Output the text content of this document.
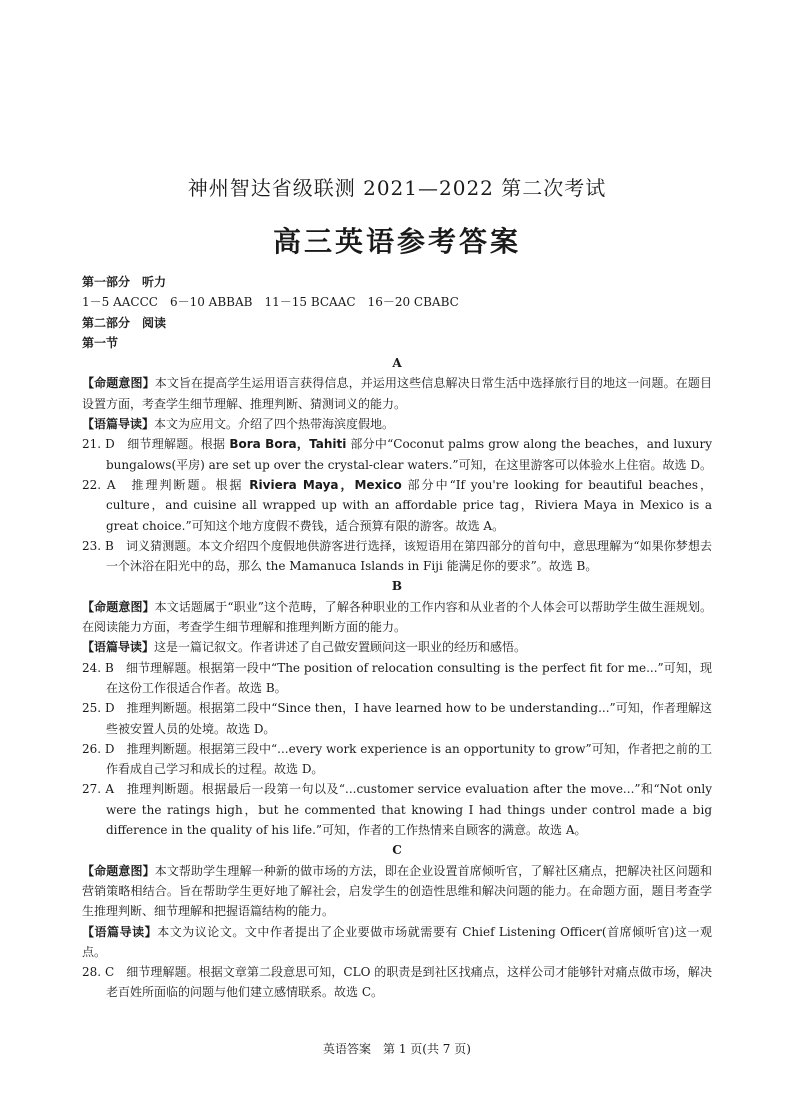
神州智达省级联测 2021—2022 第二次考试
高三英语参考答案

第一部分　听力

1－5 AACCC　6－10 ABBAB　11－15 BCAAC　16－20 CBABC

第二部分　阅读

第一节

A

【命题意图】本文旨在提高学生运用语言获得信息，并运用这些信息解决日常生活中选择旅行目的地这一问题。在题目设置方面，考查学生细节理解、推理判断、猜测词义的能力。

【语篇导读】本文为应用文。介绍了四个热带海滨度假地。

21. D　细节理解题。根据 Bora Bora，Tahiti 部分中“Coconut palms grow along the beaches，and luxury bungalows(平房) are set up over the crystal-clear waters.”可知，在这里游客可以体验水上住宿。故选 D。

22. A　推理判断题。根据 Riviera Maya，Mexico 部分中“If you're looking for beautiful beaches，culture，and cuisine all wrapped up with an affordable price tag，Riviera Maya in Mexico is a great choice.”可知这个地方度假不费钱，适合预算有限的游客。故选 A。

23. B　词义猜测题。本文介绍四个度假地供游客进行选择，该短语用在第四部分的首句中，意思理解为“如果你梦想去一个沐浴在阳光中的岛，那么 the Mamanuca Islands in Fiji 能满足你的要求”。故选 B。

B

【命题意图】本文话题属于“职业”这个范畴，了解各种职业的工作内容和从业者的个人体会可以帮助学生做生涯规划。在阅读能力方面，考查学生细节理解和推理判断方面的能力。

【语篇导读】这是一篇记叙文。作者讲述了自己做安置顾问这一职业的经历和感悟。

24. B　细节理解题。根据第一段中“The position of relocation consulting is the perfect fit for me...”可知，现在这份工作很适合作者。故选 B。

25. D　推理判断题。根据第二段中“Since then，I have learned how to be understanding...”可知，作者理解这些被安置人员的处境。故选 D。

26. D　推理判断题。根据第三段中“...every work experience is an opportunity to grow”可知，作者把之前的工作看成自己学习和成长的过程。故选 D。

27. A　推理判断题。根据最后一段第一句以及“...customer service evaluation after the move...”和“Not only were the ratings high，but he commented that knowing I had things under control made a big difference in the quality of his life.”可知，作者的工作热情来自顾客的满意。故选 A。

C

【命题意图】本文帮助学生理解一种新的做市场的方法，即在企业设置首席倾听官，了解社区痛点，把解决社区问题和营销策略相结合。旨在帮助学生更好地了解社会，启发学生的创造性思维和解决问题的能力。在命题方面，题目考查学生推理判断、细节理解和把握语篇结构的能力。

【语篇导读】本文为议论文。文中作者提出了企业要做市场就需要有 Chief Listening Officer(首席倾听官)这一观点。

28. C　细节理解题。根据文章第二段意思可知，CLO 的职责是到社区找痛点，这样公司才能够针对痛点做市场，解决老百姓所面临的问题与他们建立感情联系。故选 C。

英语答案　第 1 页(共 7 页)
